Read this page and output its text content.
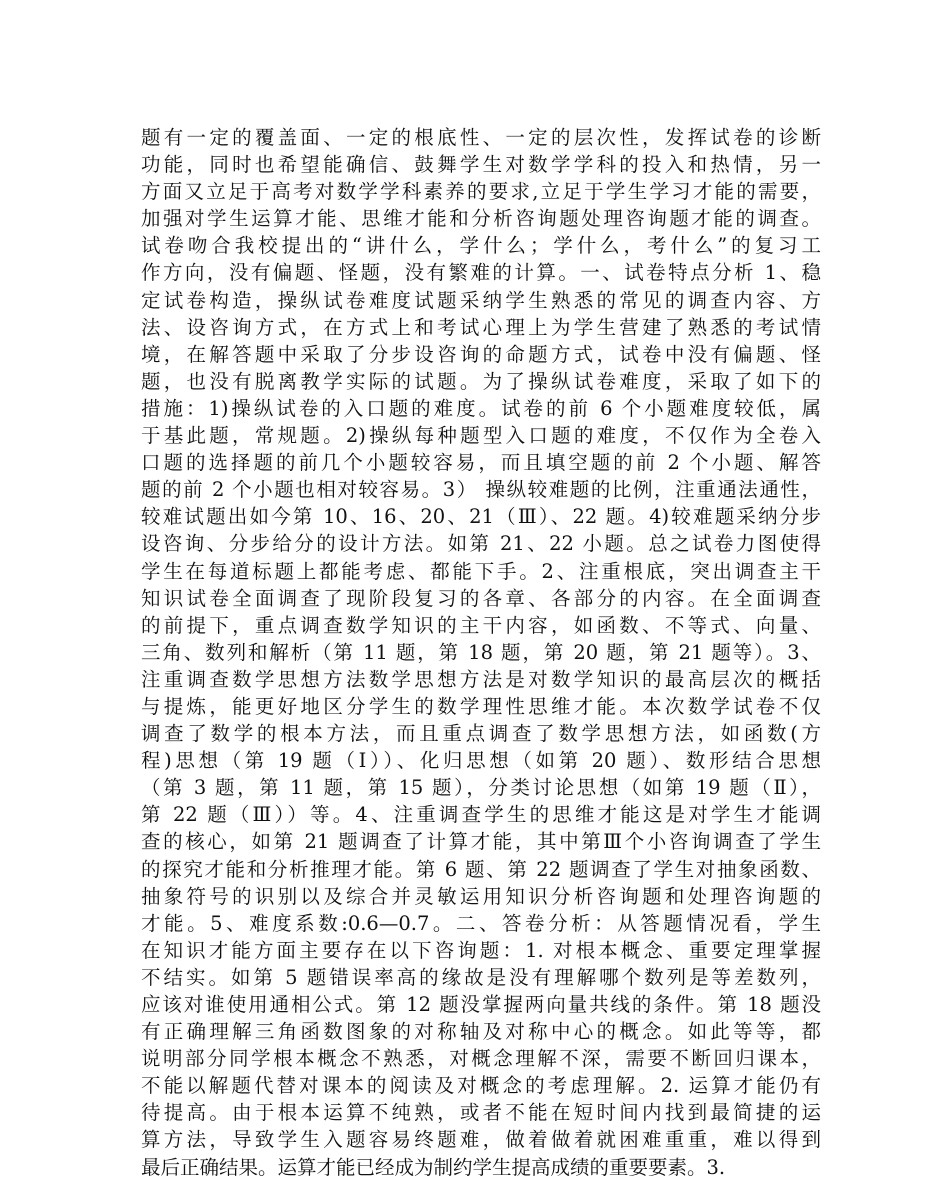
题有一定的覆盖面、一定的根底性、一定的层次性，发挥试卷的诊断
功能，同时也希望能确信、鼓舞学生对数学学科的投入和热情，另一
方面又立足于高考对数学学科素养的要求,立足于学生学习才能的需要，
加强对学生运算才能、思维才能和分析咨询题处理咨询题才能的调查。
试卷吻合我校提出的“讲什么，学什么；学什么，考什么”的复习工
作方向，没有偏题、怪题，没有繁难的计算。一、试卷特点分析 1、稳
定试卷构造，操纵试卷难度试题采纳学生熟悉的常见的调查内容、方
法、设咨询方式，在方式上和考试心理上为学生营建了熟悉的考试情
境，在解答题中采取了分步设咨询的命题方式，试卷中没有偏题、怪
题，也没有脱离教学实际的试题。为了操纵试卷难度，采取了如下的
措施：1)操纵试卷的入口题的难度。试卷的前 6 个小题难度较低，属
于基此题，常规题。2)操纵每种题型入口题的难度，不仅作为全卷入
口题的选择题的前几个小题较容易，而且填空题的前 2 个小题、解答
题的前 2 个小题也相对较容易。3） 操纵较难题的比例，注重通法通性，
较难试题出如今第 10、16、20、21（Ⅲ）、22 题。4)较难题采纳分步
设咨询、分步给分的设计方法。如第 21、22 小题。总之试卷力图使得
学生在每道标题上都能考虑、都能下手。2、注重根底，突出调查主干
知识试卷全面调查了现阶段复习的各章、各部分的内容。在全面调查
的前提下，重点调查数学知识的主干内容，如函数、不等式、向量、
三角、数列和解析（第 11 题，第 18 题，第 20 题，第 21 题等）。3、
注重调查数学思想方法数学思想方法是对数学知识的最高层次的概括
与提炼，能更好地区分学生的数学理性思维才能。本次数学试卷不仅
调查了数学的根本方法，而且重点调查了数学思想方法，如函数(方
程)思想（第 19 题（Ⅰ））、化归思想（如第 20 题）、数形结合思想
（第 3 题，第 11 题，第 15 题），分类讨论思想（如第 19 题（Ⅱ），
第 22 题（Ⅲ））等。4、注重调查学生的思维才能这是对学生才能调
查的核心，如第 21 题调查了计算才能，其中第Ⅲ个小咨询调查了学生
的探究才能和分析推理才能。第 6 题、第 22 题调查了学生对抽象函数、
抽象符号的识别以及综合并灵敏运用知识分析咨询题和处理咨询题的
才能。5、难度系数:0.6—0.7。二、答卷分析：从答题情况看，学生
在知识才能方面主要存在以下咨询题：1. 对根本概念、重要定理掌握
不结实。如第 5 题错误率高的缘故是没有理解哪个数列是等差数列，
应该对谁使用通相公式。第 12 题没掌握两向量共线的条件。第 18 题没
有正确理解三角函数图象的对称轴及对称中心的概念。如此等等，都
说明部分同学根本概念不熟悉，对概念理解不深，需要不断回归课本，
不能以解题代替对课本的阅读及对概念的考虑理解。2. 运算才能仍有
待提高。由于根本运算不纯熟，或者不能在短时间内找到最简捷的运
算方法，导致学生入题容易终题难，做着做着就困难重重，难以得到
最后正确结果。运算才能已经成为制约学生提高成绩的重要要素。3.
